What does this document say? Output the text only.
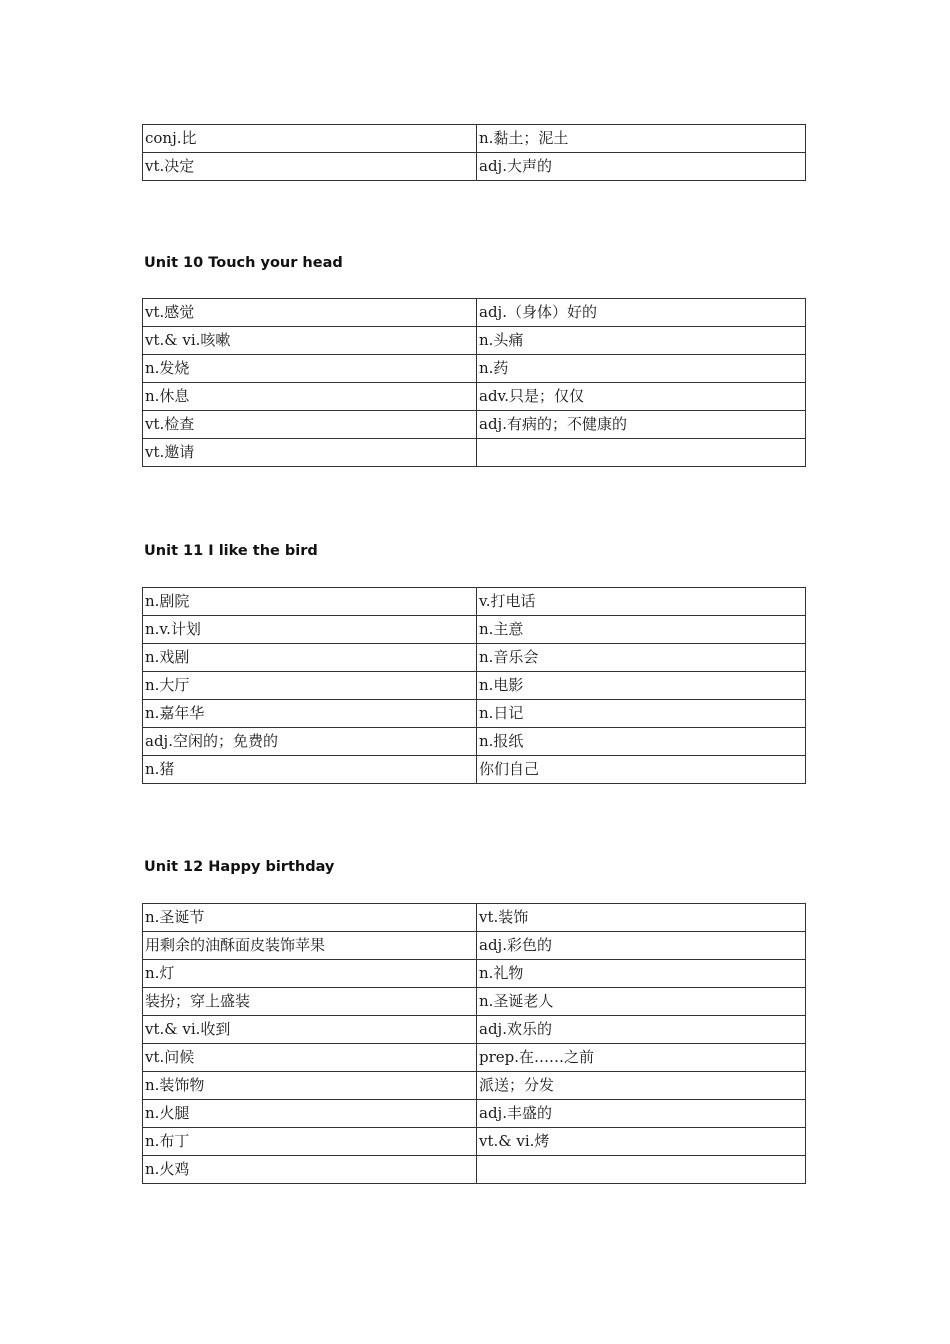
conj.比	n.黏土；泥土
vt.决定	adj.大声的
Unit 10 Touch your head
vt.感觉	adj.（身体）好的
vt.& vi.咳嗽	n.头痛
n.发烧	n.药
n.休息	adv.只是；仅仅
vt.检查	adj.有病的；不健康的
vt.邀请	
Unit 11 I like the bird
n.剧院	v.打电话
n.v.计划	n.主意
n.戏剧	n.音乐会
n.大厅	n.电影
n.嘉年华	n.日记
adj.空闲的；免费的	n.报纸
n.猪	你们自己
Unit 12 Happy birthday
n.圣诞节	vt.装饰
用剩余的油酥面皮装饰苹果	adj.彩色的
n.灯	n.礼物
装扮；穿上盛装	n.圣诞老人
vt.& vi.收到	adj.欢乐的
vt.问候	prep.在……之前
n.装饰物	派送；分发
n.火腿	adj.丰盛的
n.布丁	vt.& vi.烤
n.火鸡	
